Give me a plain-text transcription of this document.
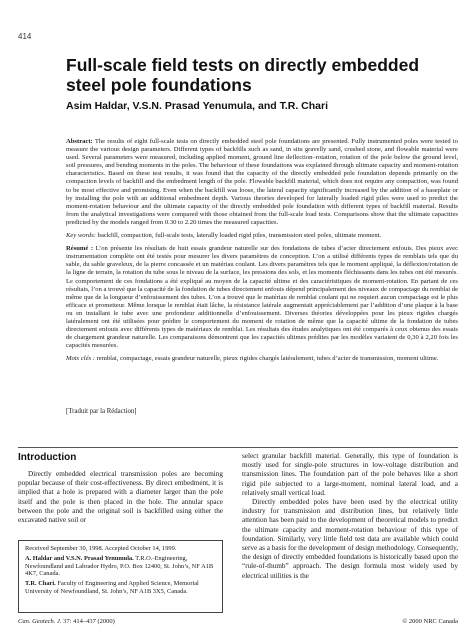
414
Full-scale field tests on directly embedded steel pole foundations

Asim Haldar, V.S.N. Prasad Yenumula, and T.R. Chari

Abstract: The results of eight full-scale tests on directly embedded steel pole foundations are presented. Fully instrumented poles were tested to measure the various design parameters. Different types of backfills such as sand, in situ gravelly sand, crushed stone, and flowable material were used. Several parameters were measured, including applied moment, ground line deflection–rotation, rotation of the pole below the ground level, soil pressures, and bending moments in the poles. The behaviour of these foundations was explained through ultimate capacity and moment-rotation characteristics. Based on these test results, it was found that the capacity of the directly embedded pole foundation depends primarily on the compaction levels of backfill and the embedment length of the pole. Flowable backfill material, which does not require any compaction, was found to be most effective and promising. Even when the backfill was loose, the lateral capacity significantly increased by the addition of a baseplate or by installing the pole with an additional embedment depth. Various theories developed for laterally loaded rigid piles were used to predict the moment-rotation behaviour and the ultimate capacity of the directly embedded pole foundation with different types of backfill material. Results from the analytical investigations were compared with those obtained from the full-scale load tests. Comparisons show that the ultimate capacities predicted by the models ranged from 0.30 to 2.20 times the measured capacities.

Key words: backfill, compaction, full-scale tests, laterally loaded rigid piles, transmission steel poles, ultimate moment.

Résumé : L’on présente les résultats de huit essais grandeur naturelle sur des fondations de tubes d’acier directement enfouis. Des pieux avec instrumentation complète ont été testés pour mesurer les divers paramètres de conception. L’on a utilisé différents types de remblais tels que du sable, du sable graveleux, de la pierre concassée et un matériau coulant. Les divers paramètres tels que le moment appliqué, la déflexion/rotation de la ligne de terrain, la rotation du tube sous le niveau de la surface, les pressions des sols, et les moments fléchissants dans les tubes ont été mesurés. Le comportement de ces fondations a été expliqué au moyen de la capacité ultime et des caractéristiques de moment-rotation. En partant de ces résultats, l’on a trouvé que la capacité de la fondation de tubes directement enfouis dépend principalement des niveaux de compactage du remblai de même que de la longueur d’enfouissement des tubes. L’on a trouvé que le matériau de remblai coulant qui ne requiert aucun compactage est le plus efficace et prometteur. Même lorsque le remblai était lâche, la résistance latérale augmentait appréciablement par l’addition d’une plaque à la base ou en installant le tube avec une profondeur additionnelle d’enfouissement. Diverses théories développées pour les pieux rigides chargés latéralement ont été utilisées pour prédire le comportement du moment de rotation de même que la capacité ultime de la fondation de tubes directement enfouis avec différents types de matériaux de remblai. Les résultats des études analytiques ont été comparés à ceux obtenus des essais de chargement grandeur naturelle. Les comparaisons démontrent que les capacités ultimes prédites par les modèles variaient de 0,30 à 2,20 fois les capacités mesurées.

Mots clés : remblai, compactage, essais grandeur naturelle, pieux rigides chargés latéralement, tubes d’acier de transmission, moment ultime.

[Traduit par la Rédaction]

Introduction

Directly embedded electrical transmission poles are becoming popular because of their cost-effectiveness. By direct embedment, it is implied that a hole is prepared with a diameter larger than the pole itself and the pole is then placed in the hole. The annular space between the pole and the original soil is backfilled using either the excavated native soil or

select granular backfill material. Generally, this type of foundation is mostly used for single-pole structures in low-voltage distribution and transmission lines. The foundation part of the pole behaves like a short rigid pile subjected to a large-moment, nominal lateral load, and a relatively small vertical load.

Directly embedded poles have been used by the electrical utility industry for transmission and distribution lines, but relatively little attention has been paid to the development of theoretical models to predict the ultimate capacity and moment-rotation behaviour of this type of foundation. Similarly, very little field test data are available which could serve as a basis for the development of design methodology. Consequently, the design of directly embedded foundations is historically based upon the “rule-of-thumb” approach. The design formula most widely used by electrical utilities is the

Received September 30, 1998. Accepted October 14, 1999.

A. Haldar and V.S.N. Prasad Yenumula. T.R.O.-Engineering, Newfoundland and Labrador Hydro, P.O. Box 12400, St. John’s, NF A1B 4K7, Canada.

T.R. Chari. Faculty of Engineering and Applied Science, Memorial University of Newfoundland, St. John’s, NF A1B 3X5, Canada.

Can. Geotech. J. 37: 414–437 (2000)	© 2000 NRC Canada
